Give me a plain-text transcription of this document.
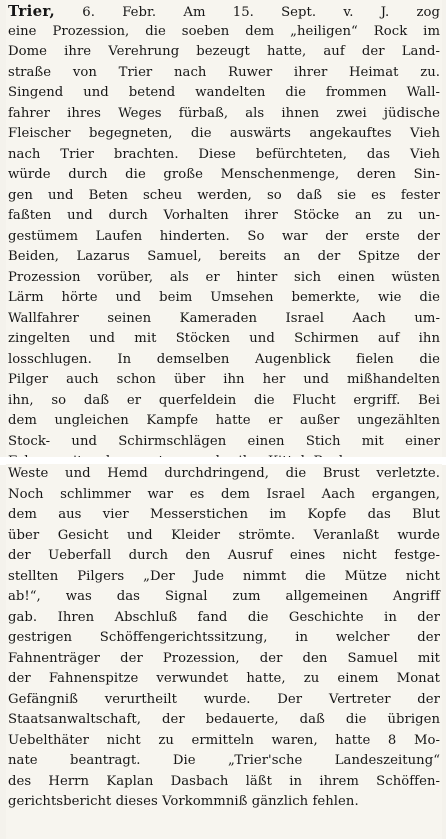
Trier, 6. Febr. Am 15. Sept. v. J. zog
eine Prozession, die soeben dem „heiligen“ Rock im
Dome ihre Verehrung bezeugt hatte, auf der Land-
straße von Trier nach Ruwer ihrer Heimat zu.
Singend und betend wandelten die frommen Wall-
fahrer ihres Weges fürbaß, als ihnen zwei jüdische
Fleischer begegneten, die auswärts angekauftes Vieh
nach Trier brachten. Diese befürchteten, das Vieh
würde durch die große Menschenmenge, deren Sin-
gen und Beten scheu werden, so daß sie es fester
faßten und durch Vorhalten ihrer Stöcke an zu un-
gestümem Laufen hinderten. So war der erste der
Beiden, Lazarus Samuel, bereits an der Spitze der
Prozession vorüber, als er hinter sich einen wüsten
Lärm hörte und beim Umsehen bemerkte, wie die
Wallfahrer seinen Kameraden Israel Aach um-
zingelten und mit Stöcken und Schirmen auf ihn
losschlugen. In demselben Augenblick fielen die
Pilger auch schon über ihn her und mißhandelten
ihn, so daß er querfeldein die Flucht ergriff. Bei
dem ungleichen Kampfe hatte er außer ungezählten
Stock- und Schirmschlägen einen Stich mit einer
Weste und Hemd durchdringend, die Brust verletzte.
Noch schlimmer war es dem Israel Aach ergangen,
dem aus vier Messerstichen im Kopfe das Blut
über Gesicht und Kleider strömte. Veranlaßt wurde
der Ueberfall durch den Ausruf eines nicht festge-
stellten Pilgers „Der Jude nimmt die Mütze nicht
ab!“, was das Signal zum allgemeinen Angriff
gab. Ihren Abschluß fand die Geschichte in der
gestrigen Schöffengerichtssitzung, in welcher der
Fahnenträger der Prozession, der den Samuel mit
der Fahnenspitze verwundet hatte, zu einem Monat
Gefängniß verurtheilt wurde. Der Vertreter der
Staatsanwaltschaft, der bedauerte, daß die übrigen
Uebelthäter nicht zu ermitteln waren, hatte 8 Mo-
nate beantragt. Die „Trier'sche Landeszeitung“
des Herrn Kaplan Dasbach läßt in ihrem Schöffen-
gerichtsbericht dieses Vorkommniß gänzlich fehlen.
